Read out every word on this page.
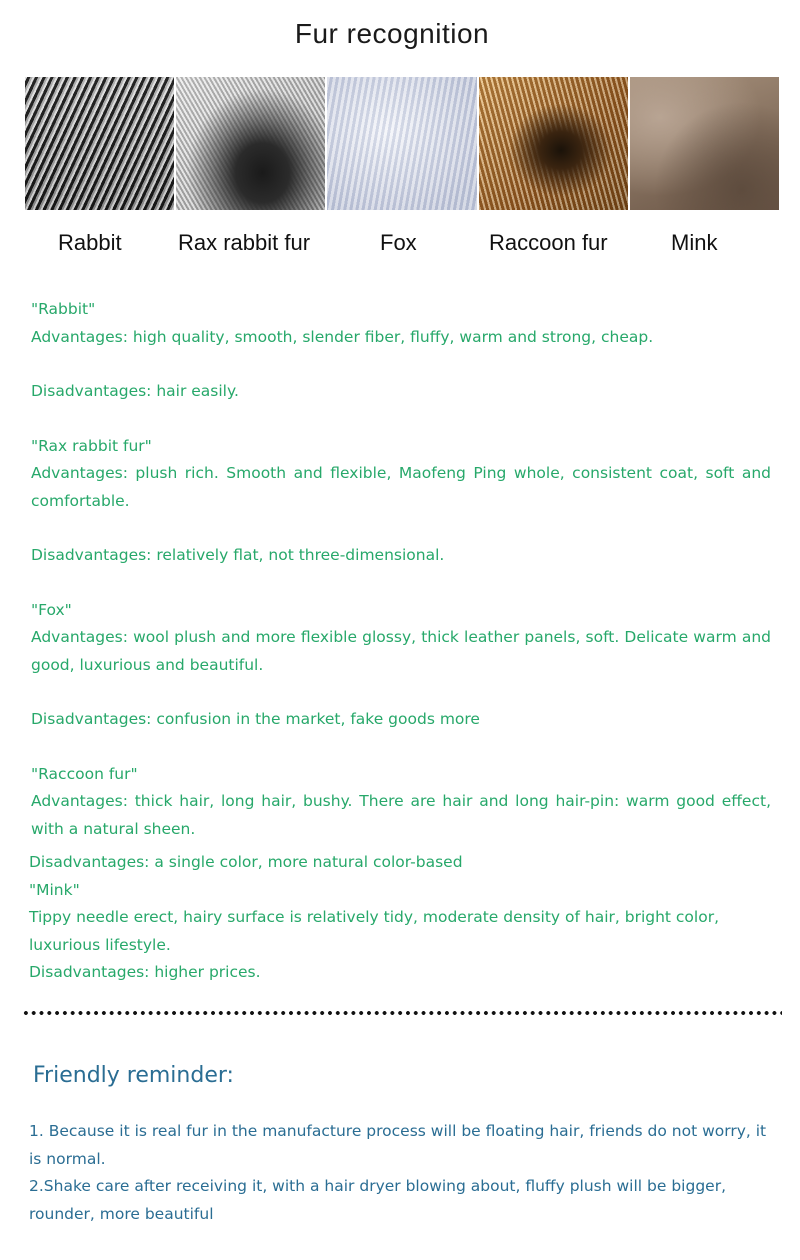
Fur recognition
Rabbit	Rax rabbit fur	Fox	Raccoon fur	Mink
"Rabbit"
Advantages: high quality, smooth, slender fiber, fluffy, warm and strong, cheap.
Disadvantages: hair easily.
"Rax rabbit fur"
Advantages: plush rich. Smooth and flexible, Maofeng Ping whole, consistent coat, soft and comfortable.
Disadvantages: relatively flat, not three-dimensional.
"Fox"
Advantages: wool plush and more flexible glossy, thick leather panels, soft. Delicate warm and good, luxurious and beautiful.
Disadvantages: confusion in the market, fake goods more
"Raccoon fur"
Advantages: thick hair, long hair, bushy. There are hair and long hair-pin: warm good effect, with a natural sheen.
Disadvantages: a single color, more natural color-based
"Mink"
Tippy needle erect, hairy surface is relatively tidy, moderate density of hair, bright color, luxurious lifestyle.
Disadvantages: higher prices.
Friendly reminder:
1. Because it is real fur in the manufacture process will be floating hair, friends do not worry, it is normal.
2.Shake care after receiving it, with a hair dryer blowing about, fluffy plush will be bigger, rounder, more beautiful
